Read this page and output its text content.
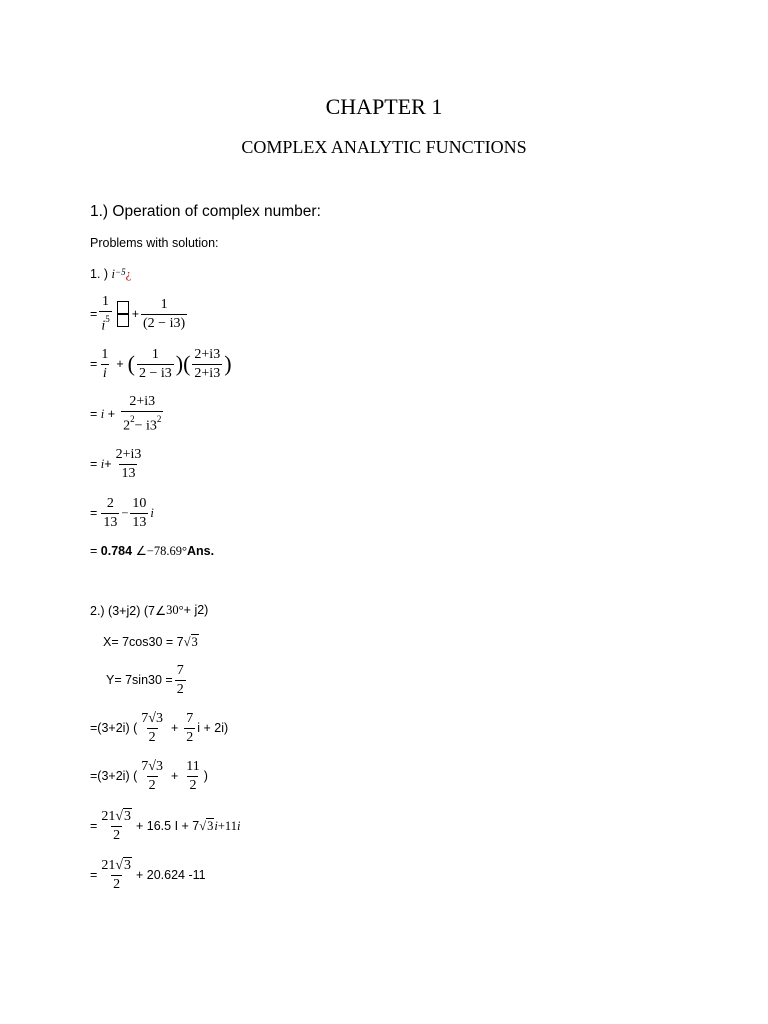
CHAPTER 1
COMPLEX ANALYTIC FUNCTIONS
1.) Operation of complex number:
Problems with solution:
1. )
i −5 ¿
= $\frac{1}{i^5} + \frac{1}{(2 - i3)}$
= $\frac{1}{i}$ + ( $\frac{1}{2 - i3}$ )( $\frac{2+i3}{2+i3}$ )
=
i
+ $\frac{2+i3}{2^2- i3^2}$
=
$i + \frac{2+i3}{13}$
= $\frac{2}{13} - \frac{10}{13}$ i
=
0.784
∠ −78.69° Ans.
2.) (3+j2) (7∠ 30° + j2)
X= 7cos30 = 7 √3
$Y= 7\sin 30 = \frac{7}{2}$
=(3+2i) ( $\frac{7√3}{2} + \frac{7}{2}$ i + 2i)
=(3+2i) ( $\frac{7√3}{2} + \frac{11}{2}$ )
= $\frac{21√3}{2} + 16.5$ I + 7 √3 i +11 i
= $\frac{21√3}{2} + 20.624$ -11
